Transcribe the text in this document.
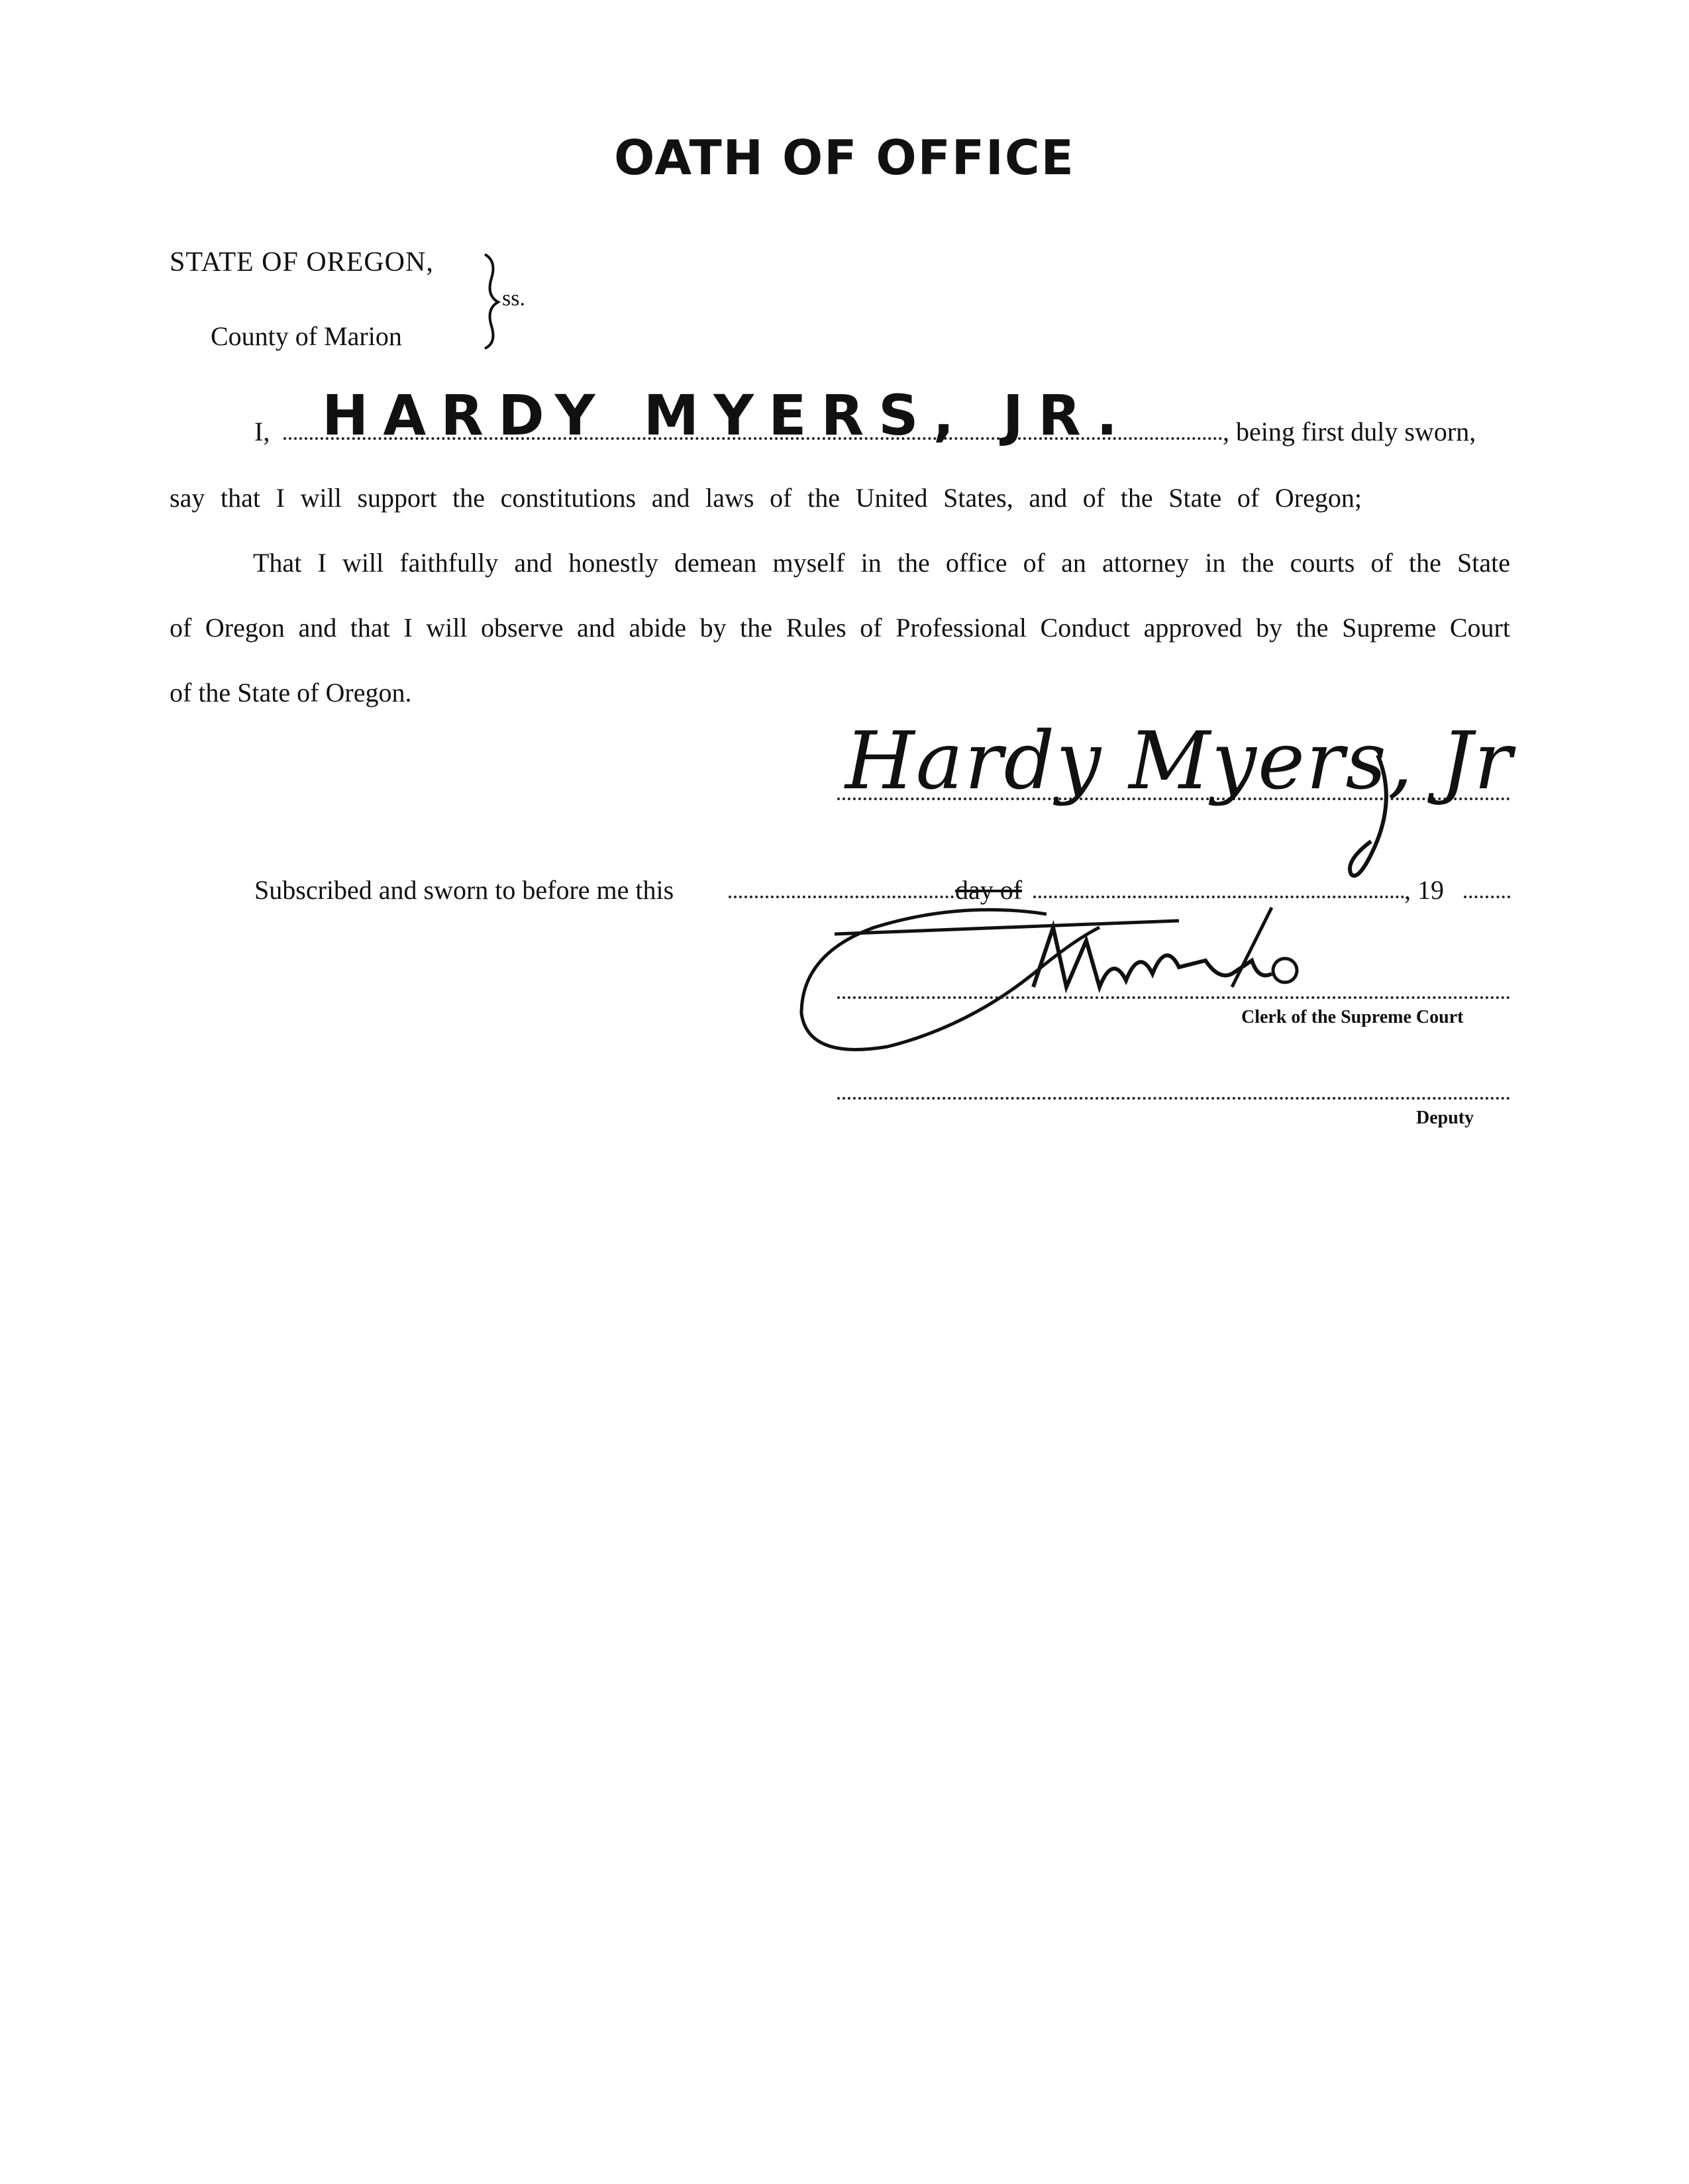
OATH OF OFFICE
STATE OF OREGON,
County of Marion
ss.
I, HARDY MYERS, JR.	, being first duly sworn,
say that I will support the constitutions and laws of the United States, and of the State of Oregon;
That I will faithfully and honestly demean myself in the office of an attorney in the courts of the State
of Oregon and that I will observe and abide by the Rules of Professional Conduct approved by the Supreme Court
of the State of Oregon.
Hardy Myers, Jr
Subscribed and sworn to before me this	day of	, 19
Clerk of the Supreme Court
Deputy
